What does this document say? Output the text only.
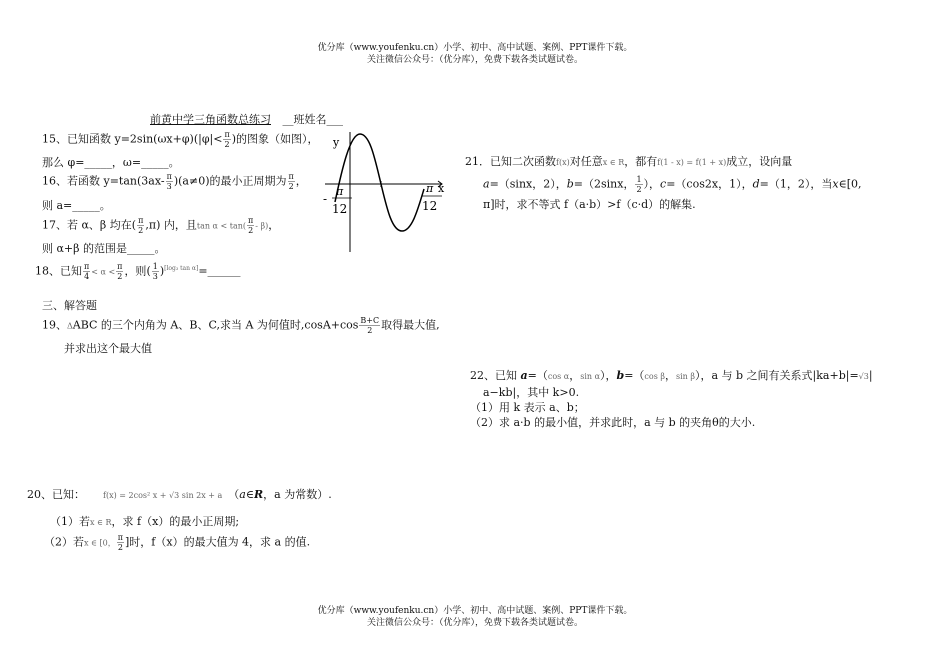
优分库（www.youfenku.cn）小学、初中、高中试题、案例、PPT课件下载。
关注微信公众号：（优分库），免费下载各类试题试卷。
前黄中学三角函数总练习 __班姓名___
15、已知函数 $y=2\sin(\omega x+\varphi)(|\varphi|< \frac{\pi}{2}$ )的图象（如图），
那么 φ=_____，ω=_____。
16、若函数 $y=\tan(3ax- \frac{\pi}{3} )(a\ne 0)$的最小正周期为 $\frac{\pi}{2}$ ，
则 a=_____。
17、若 α、β 均在( $\frac{\pi}{2} ,\pi$) 内，且$\tan \alpha < \tan( \frac{\pi}{2} - \beta)$，
则 α+β 的范围是_____。
18、已知 $\frac{\pi}{4} < \alpha < \frac{\pi}{2}$ ，则( $\frac{1}{3}$ )[log₃ tan α]=______
三、解答题
19、ΔABC 的三个内角为 A、B、C,求当 A 为何值时$,\cos A+\cos \frac{B+C}{2}$ 取得最大值,
并求出这个最大值
20、已知： f(x) = 2cos² x + √3 sin 2x + a （a∈R，a 为常数）.
（1）若x ∈ R，求 f（x）的最小正周期;
（2）若x ∈ [0， $\frac{\pi}{2}$ ]时，f（x）的最大值为 4，求 a 的值.
21．已知二次函数f(x)对任意x ∈ R，都有f(1 - x) = f(1 + x)成立，设向量
a=（sinx，2），b=（2sinx， $\frac{1}{2}$ ），c=（cos2x，1），d=（1，2），当x∈[0,
π]时，求不等式 f（a·b）>f（c·d）的解集.
22、已知 a=（cos α，sin α），b=（cos β，sin β），a 与 b 之间有关系式|ka+b|=√3|
a−kb|，其中 k>0.
（1）用 k 表示 a、b；
（2）求 a·b 的最小值，并求此时，a 与 b 的夹角θ的大小.
y
x
-
π
12
π
12
优分库（www.youfenku.cn）小学、初中、高中试题、案例、PPT课件下载。
关注微信公众号：（优分库），免费下载各类试题试卷。
